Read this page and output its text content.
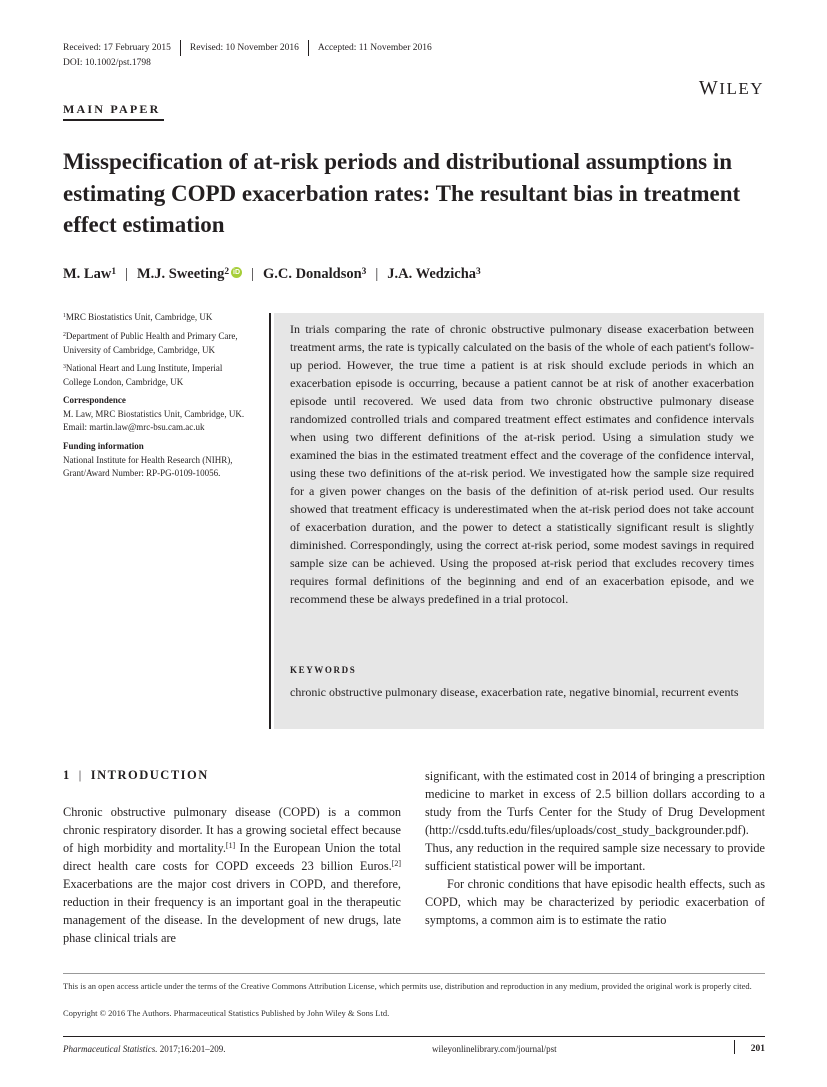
Received: 17 February 2015 Revised: 10 November 2016 Accepted: 11 November 2016
DOI: 10.1002/pst.1798
WILEY
MAIN PAPER
Misspecification of at-risk periods and distributional assumptions in estimating COPD exacerbation rates: The resultant bias in treatment effect estimation
M. Law$^1$ | M.J. Sweeting$^2$ iD | G.C. Donaldson$^3$ | J.A. Wedzicha$^3$
$^1$MRC Biostatistics Unit, Cambridge, UK
$^2$Department of Public Health and Primary Care,
University of Cambridge, Cambridge, UK
$^3$National Heart and Lung Institute, Imperial
College London, Cambridge, UK
Correspondence
M. Law, MRC Biostatistics Unit, Cambridge, UK.
Email: martin.law@mrc-bsu.cam.ac.uk
Funding information
National Institute for Health Research (NIHR),
Grant/Award Number: RP-PG-0109-10056.
In trials comparing the rate of chronic obstructive pulmonary disease exacerbation between treatment arms, the rate is typically calculated on the basis of the whole of each patient's follow-up period. However, the true time a patient is at risk should exclude periods in which an exacerbation episode is occurring, because a patient cannot be at risk of another exacerbation episode until recovered. We used data from two chronic obstructive pulmonary disease randomized controlled trials and compared treatment effect estimates and confidence intervals when using two different definitions of the at-risk period. Using a simulation study we examined the bias in the estimated treatment effect and the coverage of the confidence interval, using these two definitions of the at-risk period. We investigated how the sample size required for a given power changes on the basis of the definition of at-risk period used. Our results showed that treatment efficacy is underestimated when the at-risk period does not take account of exacerbation duration, and the power to detect a statistically significant result is slightly diminished. Correspondingly, using the correct at-risk period, some modest savings in required sample size can be achieved. Using the proposed at-risk period that excludes recovery times requires formal definitions of the beginning and end of an exacerbation episode, and we recommend these be always predefined in a trial protocol.
KEYWORDS
chronic obstructive pulmonary disease, exacerbation rate, negative binomial, recurrent events
1 | INTRODUCTION

Chronic obstructive pulmonary disease (COPD) is a common chronic respiratory disorder. It has a growing societal effect because of high morbidity and mortality.[1] In the European Union the total direct health care costs for COPD exceeds 23 billion Euros.[2] Exacerbations are the major cost drivers in COPD, and therefore, reduction in their frequency is an important goal in the therapeutic management of the disease. In the development of new drugs, late phase clinical trials are

significant, with the estimated cost in 2014 of bringing a prescription medicine to market in excess of 2.5 billion dollars according to a study from the Turfs Center for the Study of Drug Development (http://csdd.tufts.edu/files/uploads/cost_study_backgrounder.pdf). Thus, any reduction in the required sample size necessary to provide sufficient statistical power will be important.

For chronic conditions that have episodic health effects, such as COPD, which may be characterized by periodic exacerbation of symptoms, a common aim is to estimate the ratio

This is an open access article under the terms of the Creative Commons Attribution License, which permits use, distribution and reproduction in any medium, provided the original work is properly cited.
Copyright © 2016 The Authors. Pharmaceutical Statistics Published by John Wiley & Sons Ltd.
Pharmaceutical Statistics. 2017;16:201–209.	wileyonlinelibrary.com/journal/pst	201
